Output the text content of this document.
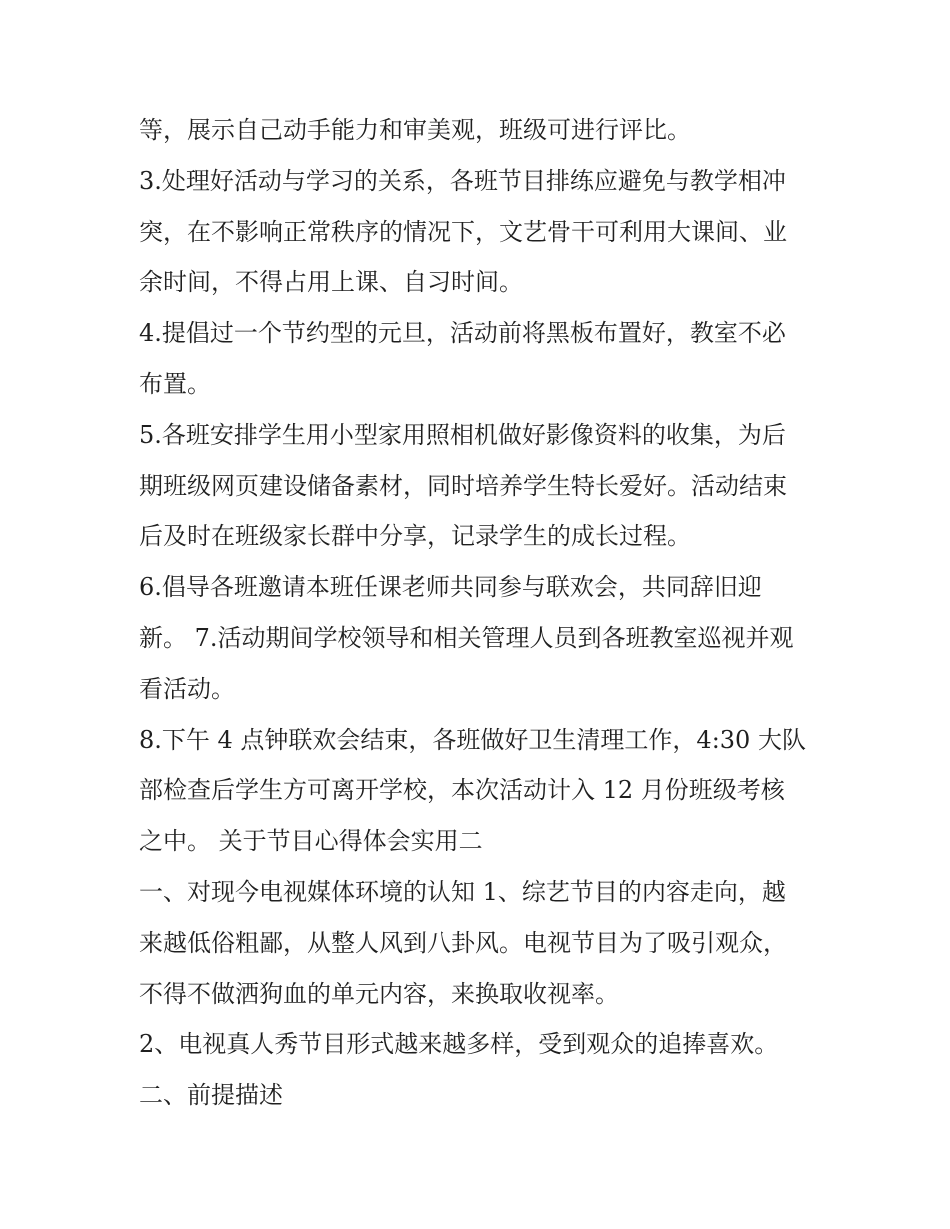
等，展示自己动手能力和审美观，班级可进行评比。
3.处理好活动与学习的关系，各班节目排练应避免与教学相冲
突，在不影响正常秩序的情况下，文艺骨干可利用大课间、业
余时间，不得占用上课、自习时间。
4.提倡过一个节约型的元旦，活动前将黑板布置好，教室不必
布置。
5.各班安排学生用小型家用照相机做好影像资料的收集，为后
期班级网页建设储备素材，同时培养学生特长爱好。活动结束
后及时在班级家长群中分享，记录学生的成长过程。
6.倡导各班邀请本班任课老师共同参与联欢会，共同辞旧迎
新。 7.活动期间学校领导和相关管理人员到各班教室巡视并观
看活动。
8.下午 4 点钟联欢会结束，各班做好卫生清理工作，4:30 大队
部检查后学生方可离开学校，本次活动计入 12 月份班级考核
之中。 关于节目心得体会实用二
一、对现今电视媒体环境的认知 1、综艺节目的内容走向，越
来越低俗粗鄙，从整人风到八卦风。电视节目为了吸引观众，
不得不做洒狗血的单元内容，来换取收视率。
2、电视真人秀节目形式越来越多样，受到观众的追捧喜欢。
二、前提描述
